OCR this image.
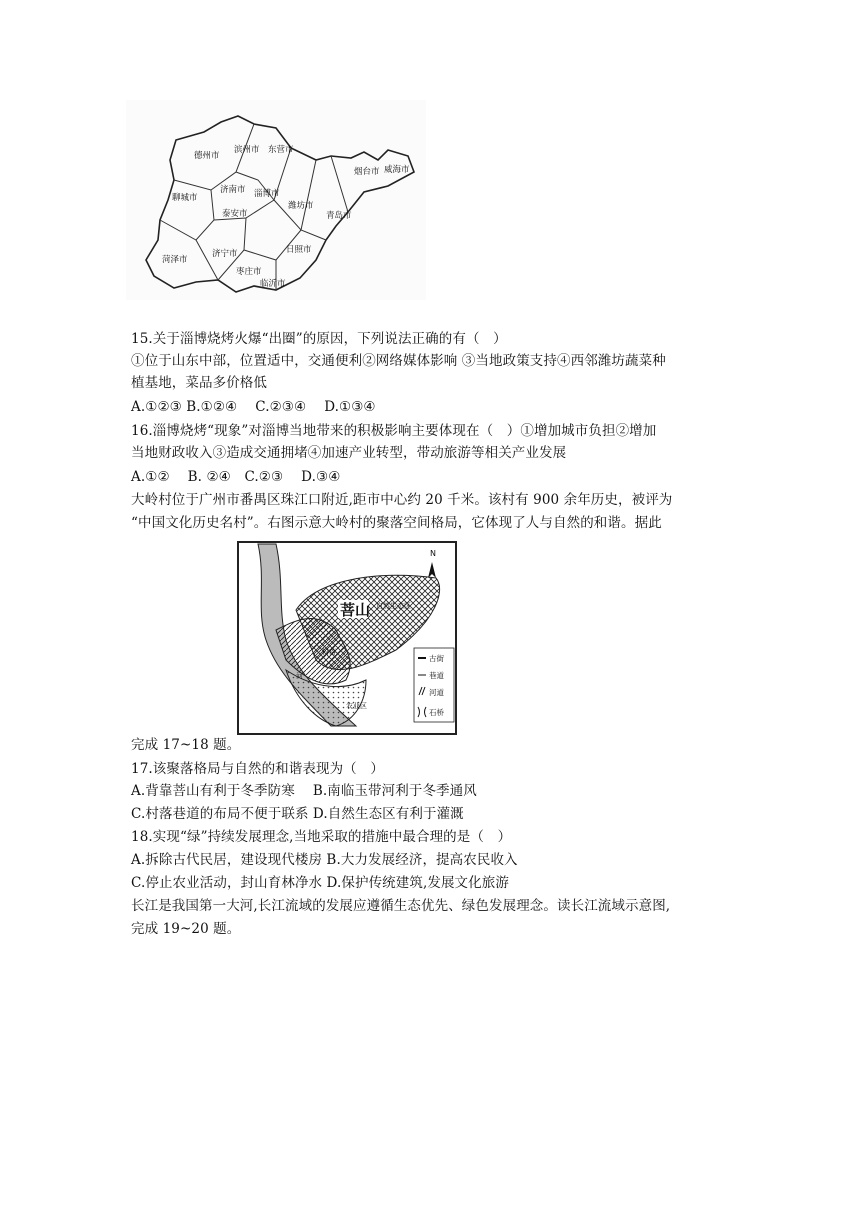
德州市
滨州市 东营市
烟台市 威海市
聊城市
济南市 淄博市
潍坊市
青岛市
泰安市
菏泽市
济宁市	日照市
枣庄市
临沂市
15.关于淄博烧烤火爆“出圈”的原因，下列说法正确的有（　）
①位于山东中部，位置适中，交通便利②网络媒体影响 ③当地政策支持④西邻潍坊蔬菜种
植基地，菜品多价格低
A.①②③ B.①②④　 C.②③④　 D.①③④
16.淄博烧烤“现象”对淄博当地带来的积极影响主要体现在（　）①增加城市负担②增加
当地财政收入③造成交通拥堵④加速产业转型，带动旅游等相关产业发展
A.①②　 B. ②④　C.②③　 D.③④
大岭村位于广州市番禺区珠江口附近,距市中心约 20 千米。该村有 900 余年历史，被评为
“中国文化历史名村”。右图示意大岭村的聚落空间格局，它体现了人与自然的和谐。据此
菩山 自然生态区
村落
农业区
河
N
古街
巷道
河道
石桥
完成 17~18 题。
17.该聚落格局与自然的和谐表现为（　）
A.背靠菩山有利于冬季防寒　 B.南临玉带河利于冬季通风
C.村落巷道的布局不便于联系 D.自然生态区有利于灌溉
18.实现“绿”持续发展理念,当地采取的措施中最合理的是（　）
A.拆除古代民居，建设现代楼房 B.大力发展经济，提高农民收入
C.停止农业活动，封山育林净水 D.保护传统建筑,发展文化旅游
长江是我国第一大河,长江流域的发展应遵循生态优先、绿色发展理念。读长江流域示意图,
完成 19~20 题。
